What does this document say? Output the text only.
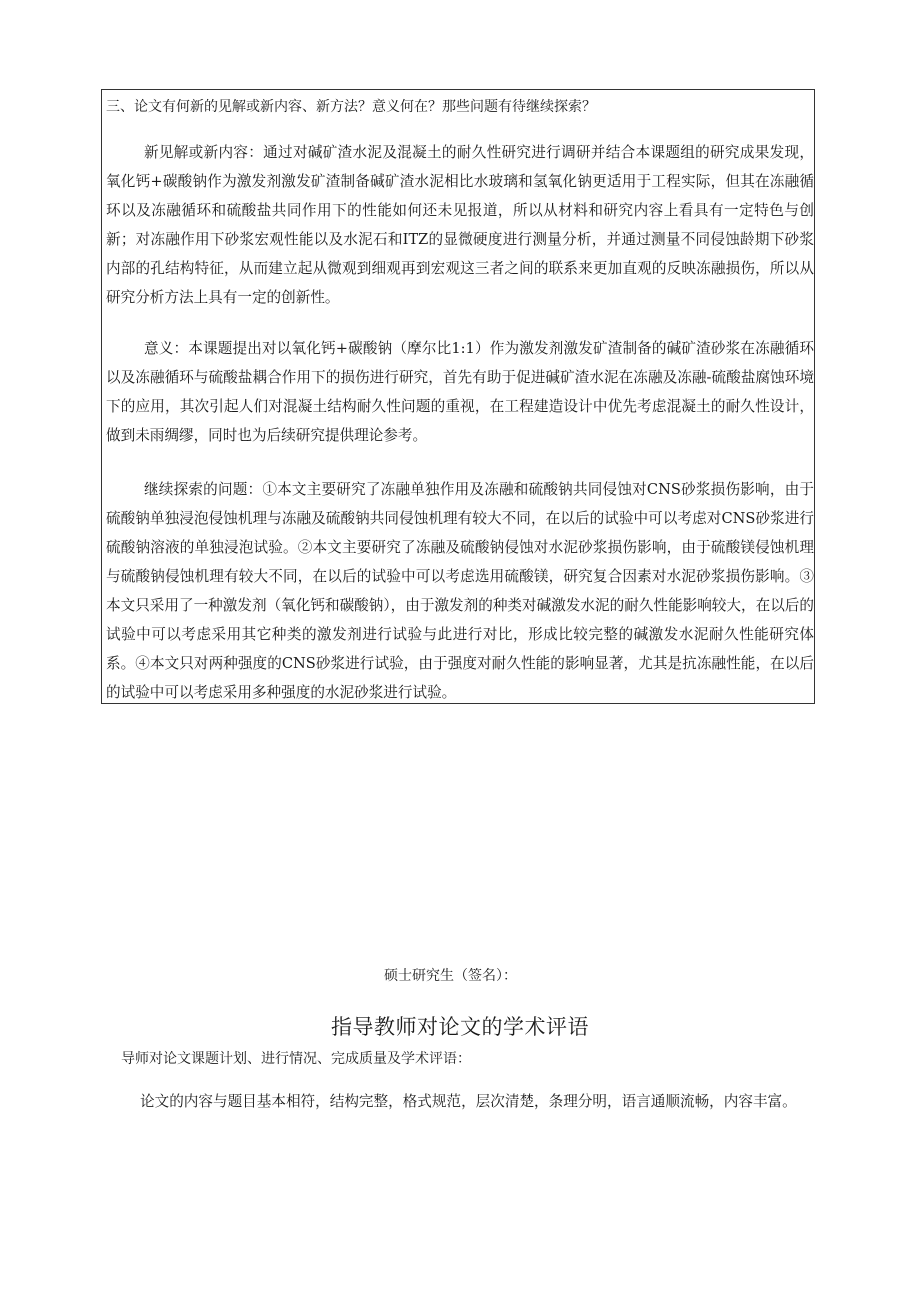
三、论文有何新的见解或新内容、新方法？意义何在？那些问题有待继续探索？

新见解或新内容：通过对碱矿渣水泥及混凝土的耐久性研究进行调研并结合本课题组的研究成果发现，氧化钙+碳酸钠作为激发剂激发矿渣制备碱矿渣水泥相比水玻璃和氢氧化钠更适用于工程实际，但其在冻融循环以及冻融循环和硫酸盐共同作用下的性能如何还未见报道，所以从材料和研究内容上看具有一定特色与创新；对冻融作用下砂浆宏观性能以及水泥石和ITZ的显微硬度进行测量分析，并通过测量不同侵蚀龄期下砂浆内部的孔结构特征，从而建立起从微观到细观再到宏观这三者之间的联系来更加直观的反映冻融损伤，所以从研究分析方法上具有一定的创新性。

意义：本课题提出对以氧化钙+碳酸钠（摩尔比1:1）作为激发剂激发矿渣制备的碱矿渣砂浆在冻融循环以及冻融循环与硫酸盐耦合作用下的损伤进行研究，首先有助于促进碱矿渣水泥在冻融及冻融-硫酸盐腐蚀环境下的应用，其次引起人们对混凝土结构耐久性问题的重视，在工程建造设计中优先考虑混凝土的耐久性设计，做到未雨绸缪，同时也为后续研究提供理论参考。

继续探索的问题：①本文主要研究了冻融单独作用及冻融和硫酸钠共同侵蚀对CNS砂浆损伤影响，由于硫酸钠单独浸泡侵蚀机理与冻融及硫酸钠共同侵蚀机理有较大不同，在以后的试验中可以考虑对CNS砂浆进行硫酸钠溶液的单独浸泡试验。②本文主要研究了冻融及硫酸钠侵蚀对水泥砂浆损伤影响，由于硫酸镁侵蚀机理与硫酸钠侵蚀机理有较大不同，在以后的试验中可以考虑选用硫酸镁，研究复合因素对水泥砂浆损伤影响。③本文只采用了一种激发剂（氧化钙和碳酸钠），由于激发剂的种类对碱激发水泥的耐久性能影响较大，在以后的试验中可以考虑采用其它种类的激发剂进行试验与此进行对比，形成比较完整的碱激发水泥耐久性能研究体系。④本文只对两种强度的CNS砂浆进行试验，由于强度对耐久性能的影响显著，尤其是抗冻融性能，在以后的试验中可以考虑采用多种强度的水泥砂浆进行试验。

硕士研究生（签名）：
指导教师对论文的学术评语
导师对论文课题计划、进行情况、完成质量及学术评语：
论文的内容与题目基本相符，结构完整，格式规范，层次清楚，条理分明，语言通顺流畅，内容丰富。
